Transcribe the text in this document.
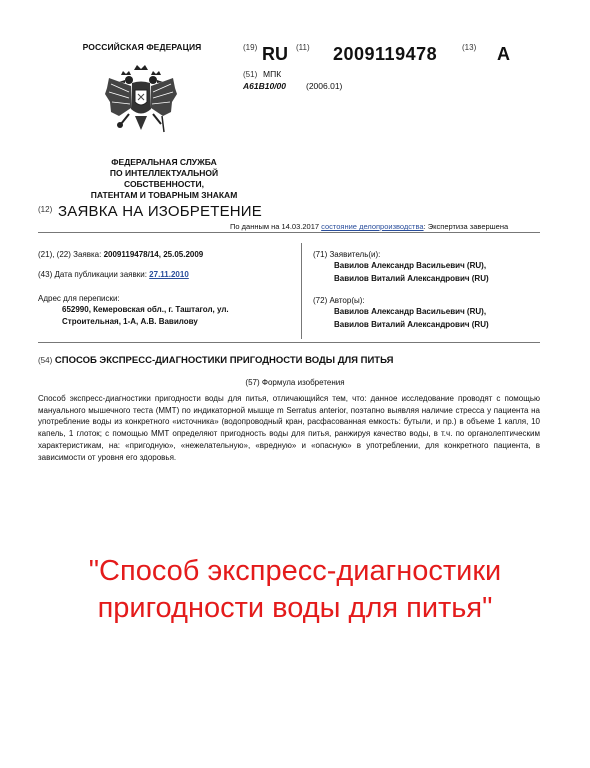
РОССИЙСКАЯ ФЕДЕРАЦИЯ
ФЕДЕРАЛЬНАЯ СЛУЖБА
ПО ИНТЕЛЛЕКТУАЛЬНОЙ
СОБСТВЕННОСТИ,
ПАТЕНТАМ И ТОВАРНЫМ ЗНАКАМ
(19) RU (11) 2009119478	(13) A
(51) МПК
A61B10/00 (2006.01)
(12) ЗАЯВКА НА ИЗОБРЕТЕНИЕ
По данным на 14.03.2017 состояние делопроизводства: Экспертиза завершена
(21), (22) Заявка: 2009119478/14, 25.05.2009
(43) Дата публикации заявки: 27.11.2010
Адрес для переписки:
652990, Кемеровская обл., г. Таштагол, ул.
Строительная, 1-А, А.В. Вавилову
(71) Заявитель(и):
Вавилов Александр Васильевич (RU),
Вавилов Виталий Александрович (RU)
(72) Автор(ы):
Вавилов Александр Васильевич (RU),
Вавилов Виталий Александрович (RU)
(54) СПОСОБ ЭКСПРЕСС-ДИАГНОСТИКИ ПРИГОДНОСТИ ВОДЫ ДЛЯ ПИТЬЯ
(57) Формула изобретения
Способ экспресс-диагностики пригодности воды для питья, отличающийся тем, что: данное исследование проводят с помощью мануального мышечного теста (ММТ) по индикаторной мышце m Serratus anterior, поэтапно выявляя наличие стресса у пациента на употребление воды из конкретного «источника» (водопроводный кран, расфасованная емкость: бутыли, и пр.) в объеме 1 капля, 10 капель, 1 глоток; с помощью ММТ определяют пригодность воды для питья, ранжируя качество воды, в т.ч. по органолептическим характеристикам, на: «пригодную», «нежелательную», «вредную» и «опасную» в употреблении, для конкретного пациента, в зависимости от уровня его здоровья.
"Способ экспресс-диагностики
пригодности воды для питья"
